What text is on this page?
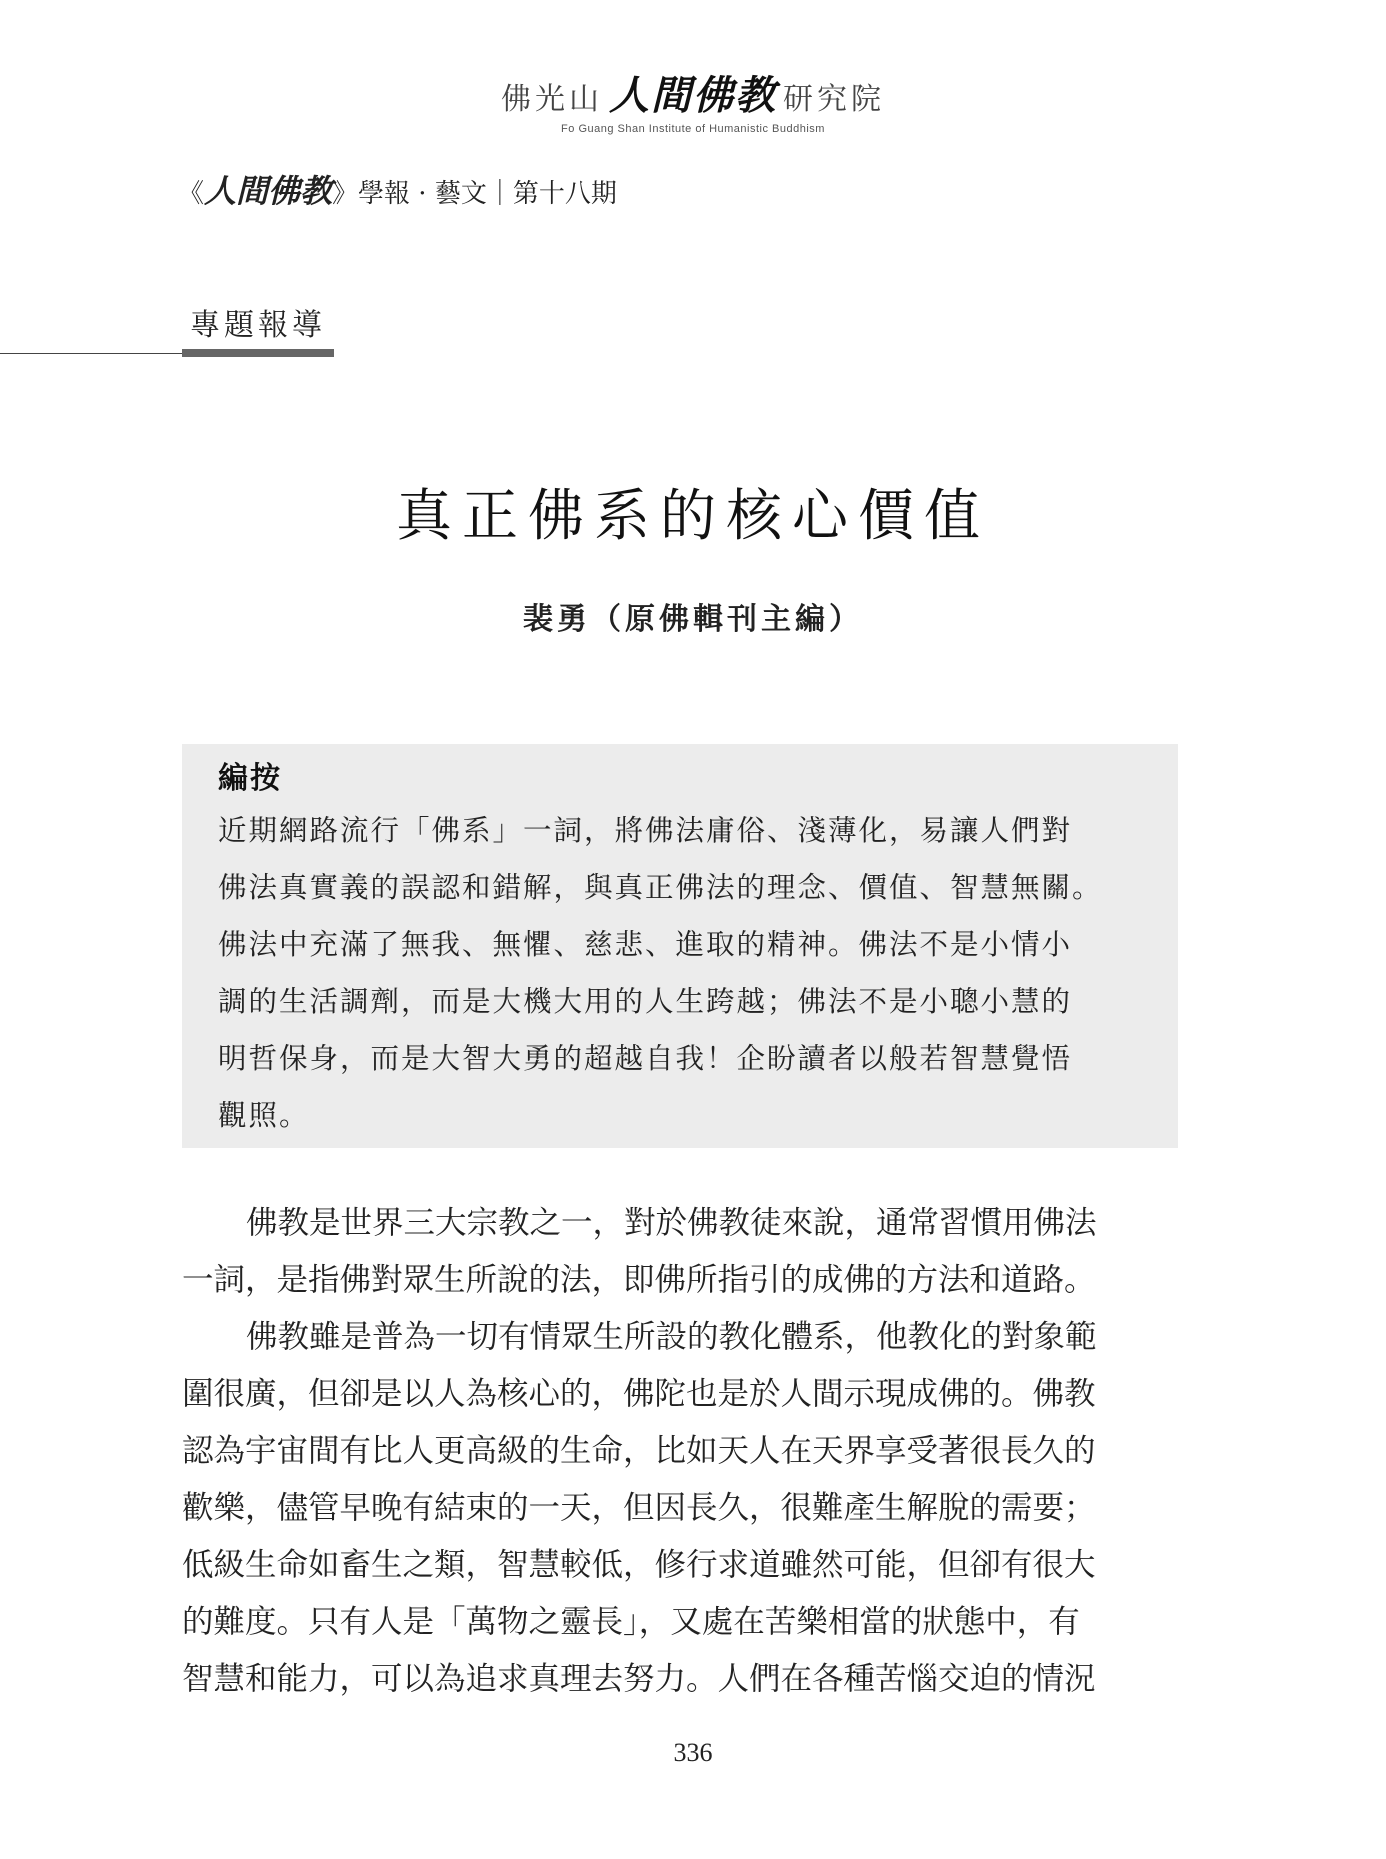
佛光山 人間佛教 研究院
Fo Guang Shan Institute of Humanistic Buddhism
《人間佛教》學報 · 藝文｜第十八期
專題報導
真正佛系的核心價值
裴勇（原佛輯刊主編）
編按
近期網路流行「佛系」一詞，將佛法庸俗、淺薄化，易讓人們對
佛法真實義的誤認和錯解，與真正佛法的理念、價值、智慧無關。
佛法中充滿了無我、無懼、慈悲、進取的精神。佛法不是小情小
調的生活調劑，而是大機大用的人生跨越；佛法不是小聰小慧的
明哲保身，而是大智大勇的超越自我！企盼讀者以般若智慧覺悟
觀照。
佛教是世界三大宗教之一，對於佛教徒來說，通常習慣用佛法
一詞，是指佛對眾生所說的法，即佛所指引的成佛的方法和道路。
佛教雖是普為一切有情眾生所設的教化體系，他教化的對象範
圍很廣，但卻是以人為核心的，佛陀也是於人間示現成佛的。佛教
認為宇宙間有比人更高級的生命，比如天人在天界享受著很長久的
歡樂，儘管早晚有結束的一天，但因長久，很難產生解脫的需要；
低級生命如畜生之類，智慧較低，修行求道雖然可能，但卻有很大
的難度。只有人是「萬物之靈長」，又處在苦樂相當的狀態中，有
智慧和能力，可以為追求真理去努力。人們在各種苦惱交迫的情況
336
